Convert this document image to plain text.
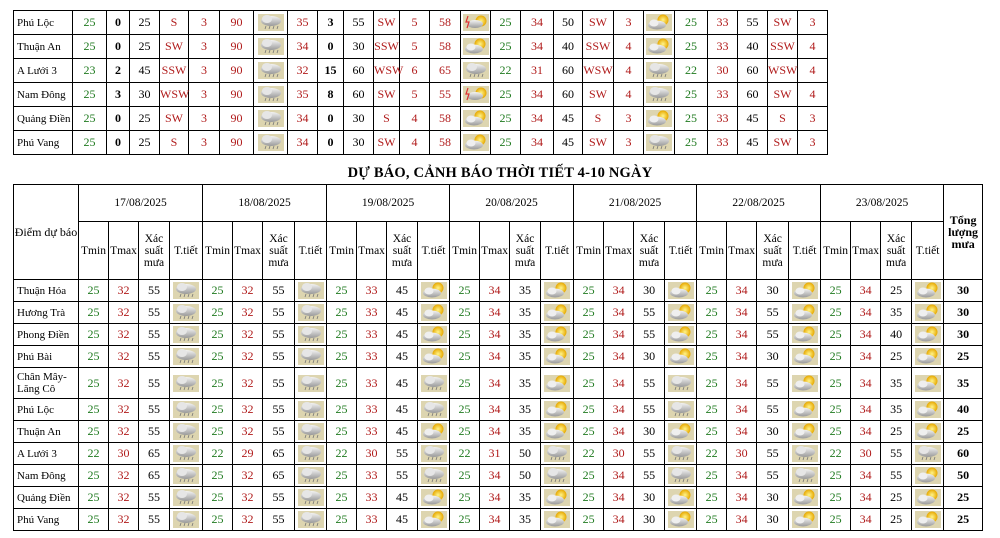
Phú Lộc	25	0	25	S	3	90		35	3	55	SW	5	58		25	34	50	SW	3		25	33	55	SW	3	
Thuận An	25	0	25	SW	3	90		34	0	30	SSW	5	58		25	34	40	SSW	4		25	33	40	SSW	4	
A Lưới 3	23	2	45	SSW	3	90		32	15	60	WSW	6	65		22	31	60	WSW	4		22	30	60	WSW	4	
Nam Đông	25	3	30	WSW	3	90		35	8	60	SW	5	55		25	34	60	SW	4		25	33	60	SW	4	
Quảng Điền	25	0	25	SW	3	90		34	0	30	S	4	58		25	34	45	S	3		25	33	45	S	3	
Phú Vang	25	0	25	S	3	90		34	0	30	SW	4	58		25	34	45	SW	3		25	33	45	SW	3	
DỰ BÁO, CẢNH BÁO THỜI TIẾT 4-10 NGÀY
Điểm dự báo	17/08/2025				18/08/2025				19/08/2025				20/08/2025				21/08/2025				22/08/2025				23/08/2025				Tổng lượng mưa
	Tmin	Tmax	Xác suất mưa	T.tiết	Tmin	Tmax	Xác suất mưa	T.tiết	Tmin	Tmax	Xác suất mưa	T.tiết	Tmin	Tmax	Xác suất mưa	T.tiết	Tmin	Tmax	Xác suất mưa	T.tiết	Tmin	Tmax	Xác suất mưa	T.tiết	Tmin	Tmax	Xác suất mưa	T.tiết	
Thuận Hóa	25	32	55		25	32	55		25	33	45		25	34	35		25	34	30		25	34	30		25	34	25		30
Hương Trà	25	32	55		25	32	55		25	33	45		25	34	35		25	34	55		25	34	55		25	34	35		30
Phong Điền	25	32	55		25	32	55		25	33	45		25	34	35		25	34	55		25	34	55		25	34	40		30
Phú Bài	25	32	55		25	32	55		25	33	45		25	34	35		25	34	30		25	34	30		25	34	25		25
Chân Mây-Lăng Cô	25	32	55		25	32	55		25	33	45		25	34	35		25	34	55		25	34	55		25	34	35		35
Phú Lộc	25	32	55		25	32	55		25	33	45		25	34	35		25	34	55		25	34	55		25	34	35		40
Thuận An	25	32	55		25	32	55		25	33	45		25	34	35		25	34	30		25	34	30		25	34	25		25
A Lưới 3	22	30	65		22	29	65		22	30	55		22	31	50		22	30	55		22	30	55		22	30	55		60
Nam Đông	25	32	65		25	32	65		25	33	55		25	34	50		25	34	55		25	34	55		25	34	55		50
Quảng Điền	25	32	55		25	32	55		25	33	45		25	34	35		25	34	30		25	34	30		25	34	25		25
Phú Vang	25	32	55		25	32	55		25	33	45		25	34	35		25	34	30		25	34	30		25	34	25		25
